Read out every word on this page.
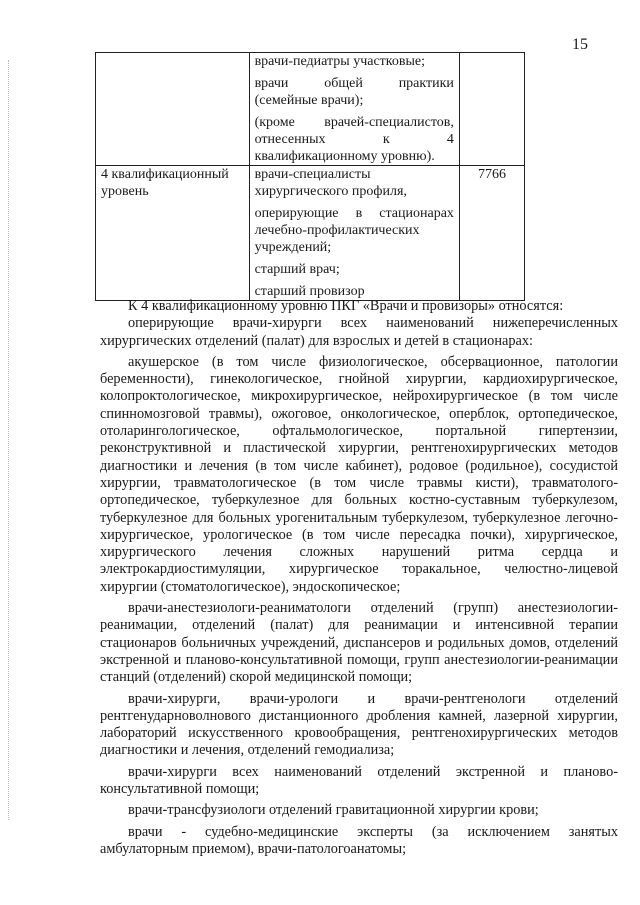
15

	врачи-педиатры участковые;
врачи общей практики (семейные врачи);
(кроме врачей-специалистов, отнесенных к 4 квалификационному уровню).	

4 квалификационный уровень	врачи-специалисты хирургического профиля,
оперирующие в стационарах лечебно-профилактических учреждений;
старший врач;
старший провизор	7766

К 4 квалификационному уровню ПКГ «Врачи и провизоры» относятся:

оперирующие врачи-хирурги всех наименований нижеперечисленных хирургических отделений (палат) для взрослых и детей в стационарах:

акушерское (в том числе физиологическое, обсервационное, патологии беременности), гинекологическое, гнойной хирургии, кардиохирургическое, колопроктологическое, микрохирургическое, нейрохирургическое (в том числе спинномозговой травмы), ожоговое, онкологическое, оперблок, ортопедическое, отоларингологическое, офтальмологическое, портальной гипертензии, реконструктивной и пластической хирургии, рентгенохирургических методов диагностики и лечения (в том числе кабинет), родовое (родильное), сосудистой хирургии, травматологическое (в том числе травмы кисти), травматолого-ортопедическое, туберкулезное для больных костно-суставным туберкулезом, туберкулезное для больных урогенитальным туберкулезом, туберкулезное легочно-хирургическое, урологическое (в том числе пересадка почки), хирургическое, хирургического лечения сложных нарушений ритма сердца и электрокардиостимуляции, хирургическое торакальное, челюстно-лицевой хирургии (стоматологическое), эндоскопическое;

врачи-анестезиологи-реаниматологи отделений (групп) анестезиологии-реанимации, отделений (палат) для реанимации и интенсивной терапии стационаров больничных учреждений, диспансеров и родильных домов, отделений экстренной и планово-консультативной помощи, групп анестезиологии-реанимации станций (отделений) скорой медицинской помощи;

врачи-хирурги, врачи-урологи и врачи-рентгенологи отделений рентгенударноволнового дистанционного дробления камней, лазерной хирургии, лабораторий искусственного кровообращения, рентгенохирургических методов диагностики и лечения, отделений гемодиализа;

врачи-хирурги всех наименований отделений экстренной и планово-консультативной помощи;

врачи-трансфузиологи отделений гравитационной хирургии крови;

врачи - судебно-медицинские эксперты (за исключением занятых амбулаторным приемом), врачи-патологоанатомы;
